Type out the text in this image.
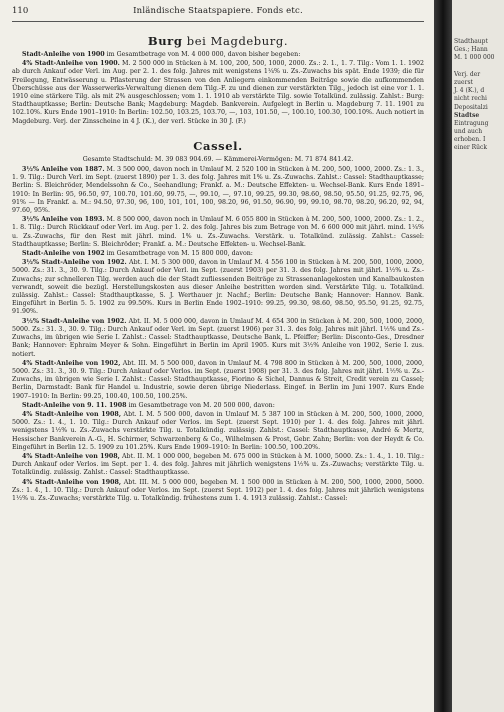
110	Inländische Staatspapiere. Fonds etc.
Burg bei Magdeburg.

Stadt-Anleihe von 1900 im Gesamtbetrage von M. 4 000 000, davon bisher begeben:

4% Stadt-Anleihe von 1900. M. 2 500 000 in Stücken à M. 100, 200, 500, 1000, 2000. Zs.: 2. 1., 1. 7. Tilg.: Vom 1. 1. 1902 ab durch Ankauf oder Verl. im Aug. per 2. 1. des folg. Jahres mit wenigstens 1¼% u. Zs.-Zuwachs bis spät. Ende 1939; die für Freilegung, Entwässerung u. Pflasterung der Strassen von den Anliegern einkommenden Beiträge sowie die aufkommenden Überschüsse aus der Wasserwerks-Verwaltung dienen dem Tilg.-F. zu und dienen zur verstärkten Tilg., jedoch ist eine vor 1. 1. 1910 eine stärkere Tilg. als mit 2% ausgeschlossen; vom 1. 1. 1910 ab verstärkte Tilg. sowie Totalkünd. zulässig. Zahlst.: Burg: Stadthauptkasse; Berlin: Deutsche Bank; Magdeburg: Magdeb. Bankverein. Aufgelegt in Berlin u. Magdeburg 7. 11. 1901 zu 102.10%. Kurs Ende 1901–1910: In Berlin: 102.50, 103.25, 103.70, —, 103, 101.50, —, 100.10, 100.30, 100.10%. Auch notiert in Magdeburg. Verj. der Zinsscheine in 4 J. (K.), der verl. Stücke in 30 J. (F.)

Cassel.
Gesamte Stadtschuld: M. 39 083 904.69. — Kämmerei-Vermögen: M. 71 874 841.42.

3½% Anleihe von 1887. M. 3 500 000, davon noch in Umlauf M. 2 520 100 in Stücken à M. 200, 500, 1000, 2000. Zs.: 1. 3., 1. 9. Tilg.: Durch Verl. im Sept. (zuerst 1890) per 1. 3. des folg. Jahres mit 1% u. Zs.-Zuwachs. Zahlst.: Cassel: Stadthauptkasse; Berlin: S. Bleichröder, Mendelssohn & Co., Seehandlung; Frankf. a. M.: Deutsche Effekten- u. Wechsel-Bank. Kurs Ende 1891–1910: In Berlin: 95, 96.50, 97, 100.70, 101.60, 99.75, —, 99.10, —, 97.10, 99.25, 99.30, 98.60, 98.50, 95.50, 91.25, 92.75, 96, 91% — In Frankf. a. M.: 94.50, 97.30, 96, 100, 101, 101, 100, 98.20, 96, 91.50, 96.90, 99, 99.10, 98.70, 98.20, 96.20, 92, 94, 97.60, 95%.

3½% Anleihe von 1893. M. 8 500 000, davon noch in Umlauf M. 6 055 800 in Stücken à M. 200, 500, 1000, 2000. Zs.: 1. 2., 1. 8. Tilg.: Durch Rückkauf oder Verl. im Aug. per 1. 2. des folg. Jahres bis zum Betrage von M. 6 600 000 mit jährl. mind. 1¼% u. Zs.-Zuwachs, für den Rest mit jährl. mind. 1% u. Zs.-Zuwachs. Verstärk. u. Totalkünd. zulässig. Zahlst.: Cassel: Stadthauptkasse; Berlin: S. Bleichröder; Frankf. a. M.: Deutsche Effekten- u. Wechsel-Bank.

Stadt-Anleihe von 1902 im Gesamtbetrage von M. 15 800 000, davon:

3½% Stadt-Anleihe von 1902. Abt. I. M. 5 300 000, davon in Umlauf M. 4 556 100 in Stücken à M. 200, 500, 1000, 2000, 5000. Zs.: 31. 3., 30. 9. Tilg.: Durch Ankauf oder Verl. im Sept. (zuerst 1903) per 31. 3. des folg. Jahres mit jährl. 1½% u. Zs.-Zuwachs; zur schnelleren Tilg. werden auch die der Stadt zufliessenden Beiträge zu Strassenanlagekosten und Kanalbaukosten verwandt, soweit die bezügl. Herstellungskosten aus dieser Anleihe bestritten worden sind. Verstärkte Tilg. u. Totalkünd. zulässig. Zahlst.: Cassel: Stadthauptkasse, S. J. Werthauer jr. Nachf.; Berlin: Deutsche Bank; Hannover: Hannov. Bank. Eingeführt in Berlin 5. 5. 1902 zu 99.50%. Kurs in Berlin Ende 1902–1910: 99.25, 99.30, 98.60, 98.50, 95.50, 91.25, 92.75, 91.90%.

3½% Stadt-Anleihe von 1902. Abt. II. M. 5 000 000, davon in Umlauf M. 4 654 300 in Stücken à M. 200, 500, 1000, 2000, 5000. Zs.: 31. 3., 30. 9. Tilg.: Durch Ankauf oder Verl. im Sept. (zuerst 1906) per 31. 3. des folg. Jahres mit jährl. 1½% und Zs.-Zuwachs, im übrigen wie Serie I. Zahlst.: Cassel: Stadthauptkasse, Deutsche Bank, L. Pfeiffer; Berlin: Disconto-Ges., Dresdner Bank; Hannover: Ephraim Meyer & Sohn. Eingeführt in Berlin im April 1905. Kurs mit 3½% Anleihe von 1902, Serie I. zus. notiert.

4% Stadt-Anleihe von 1902, Abt. III. M. 5 500 000, davon in Umlauf M. 4 798 800 in Stücken à M. 200, 500, 1000, 2000, 5000. Zs.: 31. 3., 30. 9. Tilg.: Durch Ankauf oder Verlos. im Sept. (zuerst 1908) per 31. 3. des folg. Jahres mit jährl. 1½% u. Zs.-Zuwachs, im übrigen wie Serie I. Zahlst.: Cassel: Stadthauptkasse, Fiorino & Sichel, Dannus & Streit, Credit verein zu Cassel; Berlin, Darmstadt: Bank für Handel u. Industrie, sowie deren übrige Niederlass. Eingef. in Berlin im Juni 1907. Kurs Ende 1907–1910: In Berlin: 99.25, 100.40, 100.50, 100.25%.

Stadt-Anleihe von 9. 11. 1908 im Gesamtbetrage von M. 20 500 000, davon:

4% Stadt-Anleihe von 1908, Abt. I. M. 5 500 000, davon in Umlauf M. 5 387 100 in Stücken à M. 200, 500, 1000, 2000, 5000. Zs.: 1. 4., 1. 10. Tilg.: Durch Ankauf oder Verlos. im Sept. (zuerst Sept. 1910) per 1. 4. des folg. Jahres mit jährl. wenigstens 1½% u. Zs.-Zuwachs verstärkte Tilg. u. Totalkündig. zulässig. Zahlst.: Cassel: Stadthauptkasse, André & Mertz, Hessischer Bankverein A.-G., H. Schirmer, Schwarzenberg & Co., Wilhelmsen & Prost, Gebr. Zahn; Berlin: von der Heydt & Co. Eingeführt in Berlin 12. 5. 1909 zu 101.25%. Kurs Ende 1909–1910: In Berlin: 100.50, 100.20%.

4% Stadt-Anleihe von 1908, Abt. II. M. 1 000 000, begeben M. 675 000 in Stücken à M. 1000, 5000. Zs.: 1. 4., 1. 10. Tilg.: Durch Ankauf oder Verlos. im Sept. per 1. 4. des folg. Jahres mit jährlich wenigstens 1½% u. Zs.-Zuwachs; verstärkte Tilg. u. Totalkündig. zulässig. Zahlst.: Cassel: Stadthauptkasse.

4% Stadt-Anleihe von 1908, Abt. III. M. 5 000 000, begeben M. 1 500 000 in Stücken à M. 200, 500, 1000, 2000, 5000. Zs.: 1. 4., 1. 10. Tilg.: Durch Ankauf oder Verlos. im Sept. (zuerst Sept. 1912) per 1. 4. des folg. Jahres mit jährlich wenigstens 1½% u. Zs.-Zuwachs; verstärkte Tilg. u. Totalkündig. frühestens zum 1. 4. 1913 zulässig. Zahlst.: Cassel:

Stadthaupt
Ges.; Hann
M. 1 000 000
Verj. der
zuerst
J. 4 (K.), d
nicht rechi
Depositalzi
Stadtse
Eintragung
und auch
erhoben. I
einer Rück
